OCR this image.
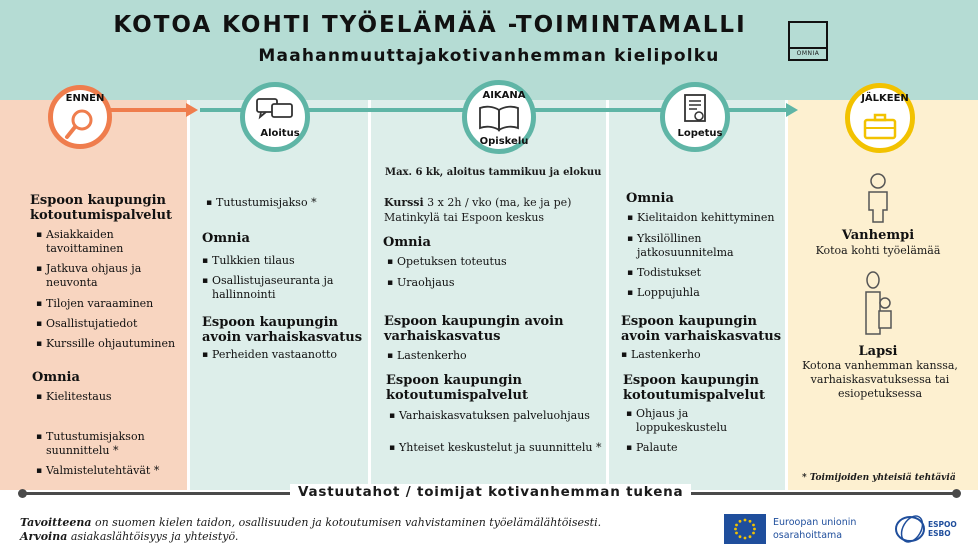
KOTOA KOHTI TYÖELÄMÄÄ -TOIMINTAMALLI
Maahanmuuttajakotivanhemman kielipolku	OMNIA
ENNEN
Aloitus
AIKANA
Opiskelu
Lopetus
JÄLKEEN
Espoon kaupungin kotoutumispalvelut
▪ Asiakkaiden tavoittaminen
▪ Jatkuva ohjaus ja neuvonta
▪ Tilojen varaaminen
▪ Osallistujatiedot
▪ Kurssille ohjautuminen
Omnia
▪ Kielitestaus
▪ Tutustumisjakson suunnittelu *
▪ Valmistelutehtävät *
▪ Tutustumisjakso *
Omnia
▪ Tulkkien tilaus
▪ Osallistujaseuranta ja hallinnointi
Espoon kaupungin avoin varhaiskasvatus
▪ Perheiden vastaanotto
Max. 6 kk, aloitus tammikuu ja elokuu
Kurssi 3 x 2h / vko (ma, ke ja pe)
Matinkylä tai Espoon keskus
Omnia
▪ Opetuksen toteutus
▪ Uraohjaus
Espoon kaupungin avoin varhaiskasvatus
▪ Lastenkerho
Espoon kaupungin kotoutumispalvelut
▪ Varhaiskasvatuksen palveluohjaus
▪ Yhteiset keskustelut ja suunnittelu *
Omnia
▪ Kielitaidon kehittyminen
▪ Yksilöllinen jatkosuunnitelma
▪ Todistukset
▪ Loppujuhla
Espoon kaupungin avoin varhaiskasvatus
▪ Lastenkerho
Espoon kaupungin kotoutumispalvelut
▪ Ohjaus ja loppukeskustelu
▪ Palaute
Vanhempi
Kotoa kohti työelämää
Lapsi
Kotona vanhemman kanssa, varhaiskasvatuksessa tai esiopetuksessa
* Toimijoiden yhteisiä tehtäviä
Vastuutahot / toimijat kotivanhemman tukena
Tavoitteena on suomen kielen taidon, osallisuuden ja kotoutumisen vahvistaminen työelämälähtöisesti.
Arvoina asiakaslähtöisyys ja yhteistyö.
Euroopan unionin
osarahoittama
ESPOO
ESBO
